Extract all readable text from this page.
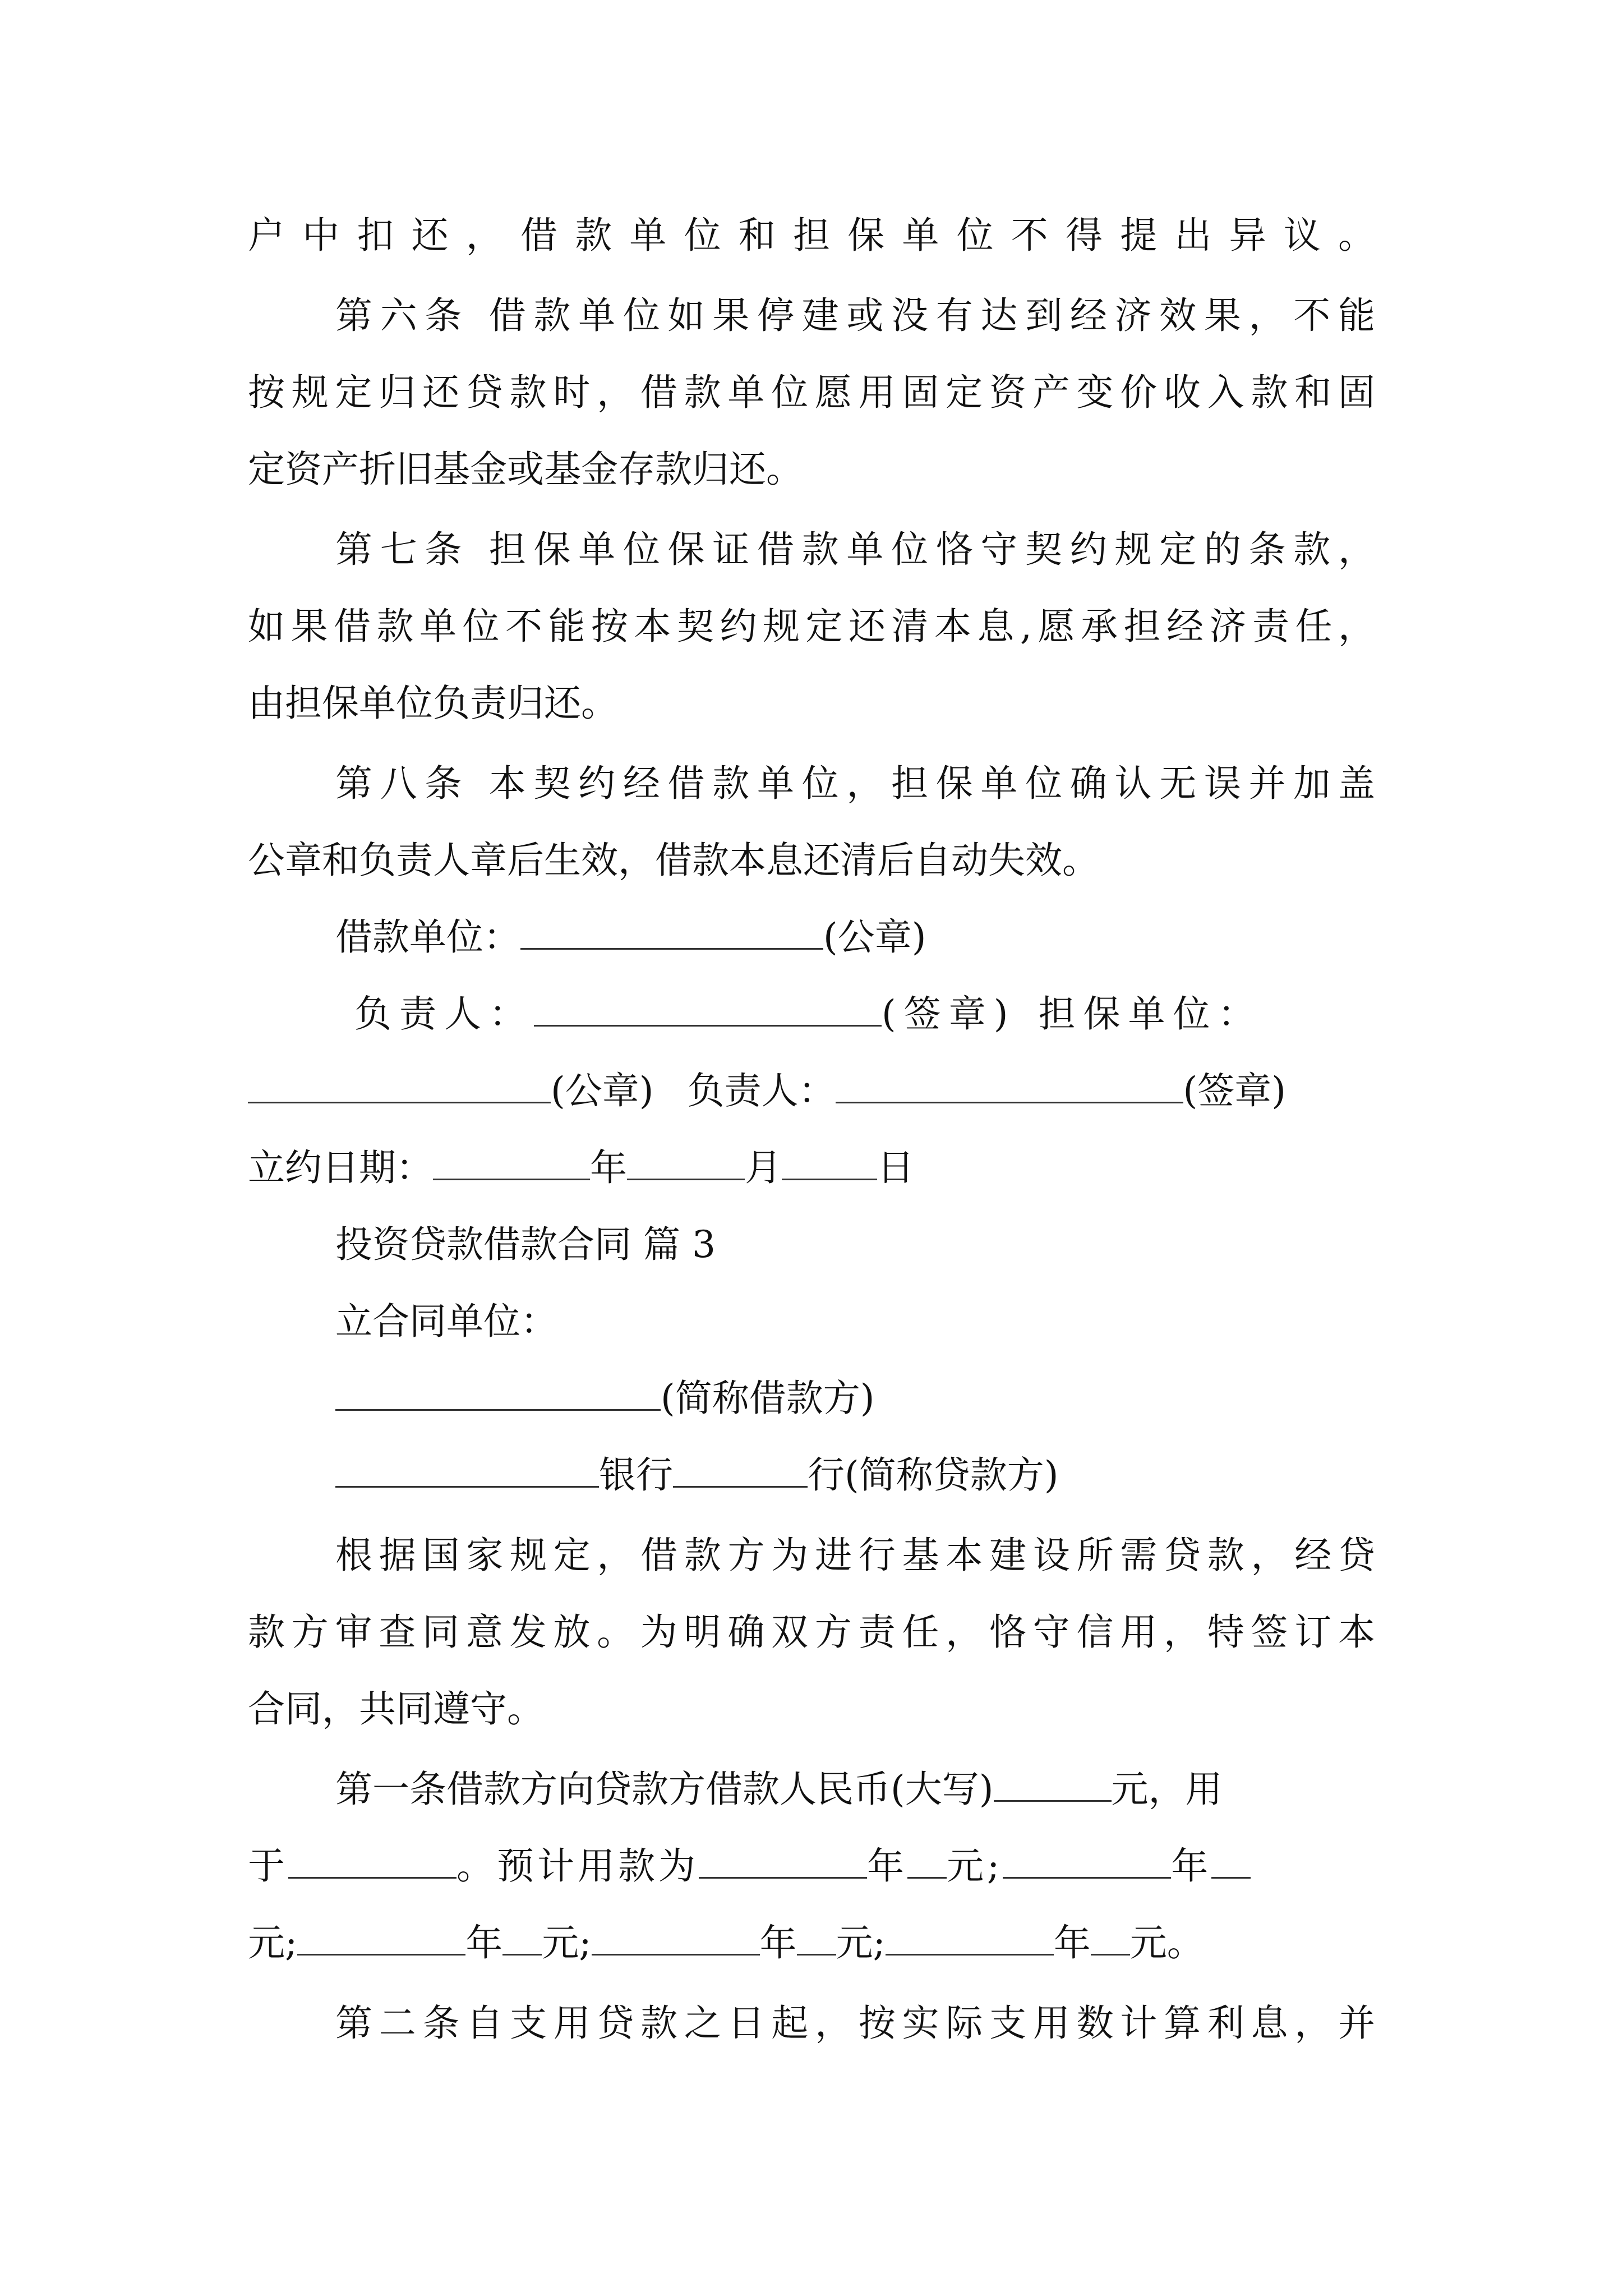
户中扣还，借款单位和担保单位不得提出异议。
第六条 借款单位如果停建或没有达到经济效果，不能
按规定归还贷款时，借款单位愿用固定资产变价收入款和固
定资产折旧基金或基金存款归还。
第七条 担保单位保证借款单位恪守契约规定的条款，
如果借款单位不能按本契约规定还清本息,愿承担经济责任，
由担保单位负责归还。
第八条 本契约经借款单位，担保单位确认无误并加盖
公章和负责人章后生效，借款本息还清后自动失效。
借款单位：	(公章)
负责人：	(签章) 担保单位：
(公章) 负责人：	(签章)
立约日期：	年	月	日
投资贷款借款合同 篇 3
立合同单位：
(简称借款方)
银行	行(简称贷款方)
根据国家规定，借款方为进行基本建设所需贷款，经贷
款方审查同意发放。为明确双方责任，恪守信用，特签订本
合同，共同遵守。
第一条借款方向贷款方借款人民币(大写)	元，用
于	。预计用款为	年 元;	年
元;	年 元;	年 元;	年 元。
第二条自支用贷款之日起，按实际支用数计算利息，并
